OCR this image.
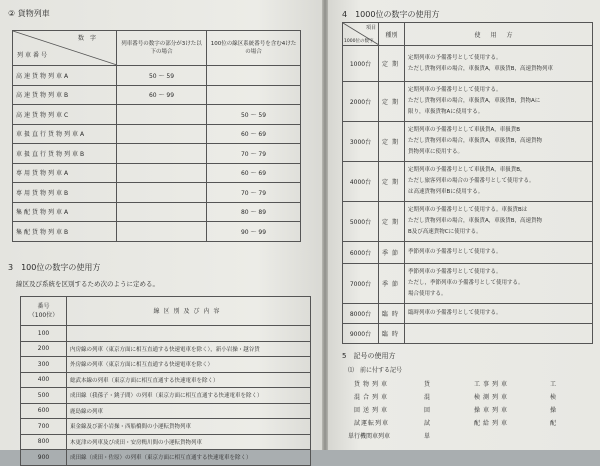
② 貨物列車
数字
列車番号	列車番号の数字の部分が3けた以下の場合	100位の線区系統番号を含む4けたの場合
高速貨物列車A	50 ～ 59	
高速貨物列車B	60 ～ 99	
高速貨物列車C		50 ～ 59
車扱直行貨物列車A		60 ～ 69
車扱直行貨物列車B		70 ～ 79
専用貨物列車A		60 ～ 69
専用貨物列車B		70 ～ 79
集配貨物列車A		80 ～ 89
集配貨物列車B		90 ～ 99
3　100位の数字の使用方
線区及び系統を区別するため次のように定める。
番号
（100位）	線区別及び内容
100	
200	内房線の列車（東京方面に相互直通する快速電車を除く），新小岩操・越谷貨
300	外房線の列車（東京方面に相互直通する快速電車を除く）
400	総武本線の列車（東京方面に相互直通する快速電車を除く）
500	成田線（我孫子・銚子間）の列車（東京方面に相互直通する快速電車を除く）
600	鹿島線の列車
700	東金線及び新小岩操・西船橋間の小運転貨物列車
800	木更津の列車及び成田・安房鴨川間の小運転貨物列車
900	成田線（成田・佐原）の列車（東京方面に相互直通する快速電車を除く）
4　1000位の数字の使用方
項目
1000位の数字	種別	使用方
1000台	定期	定期列車の予備番号として使用する。
ただし貨物列車の場合，車扱貨A，車扱貨B，高速貨物列車

2000台	定期	定期列車の予備番号として使用する。
ただし貨物列車の場合，車扱貨A，車扱貨B，貨物Aに
限り，車扱貨物Aに使用する。

3000台	定期	定期列車の予備番号として車扱貨A，車扱貨B
ただし貨物列車の場合，車扱貨A，車扱貨B，高速貨物
貨物列車に使用する。

4000台	定期	定期列車の予備番号として車扱貨A，車扱貨B，
ただし旅客列車の場合の予備番号として使用する。
は高速貨物列車Bに使用する。

5000台	定期	定期列車の予備番号として使用する。車扱貨Bは
ただし貨物列車の場合，車扱貨A，車扱貨B，高速貨物
B及び高速貨物Cに使用する。

6000台	季節	季節列車の予備番号として使用する。

7000台	季節	季節列車の予備番号として使用する。
ただし，季節列車の予備番号として使用する。
場合使用する。

8000台	臨時	臨時列車の予備番号として使用する。

9000台	臨時	
5　記号の使用方
⑴　前に付する記号
貨物列車	貨	工事列車	工
混合列車	混	検測列車	検
回送列車	回	操車列車	操
試運転列車	試	配給列車	配
単行機関車列車	単
